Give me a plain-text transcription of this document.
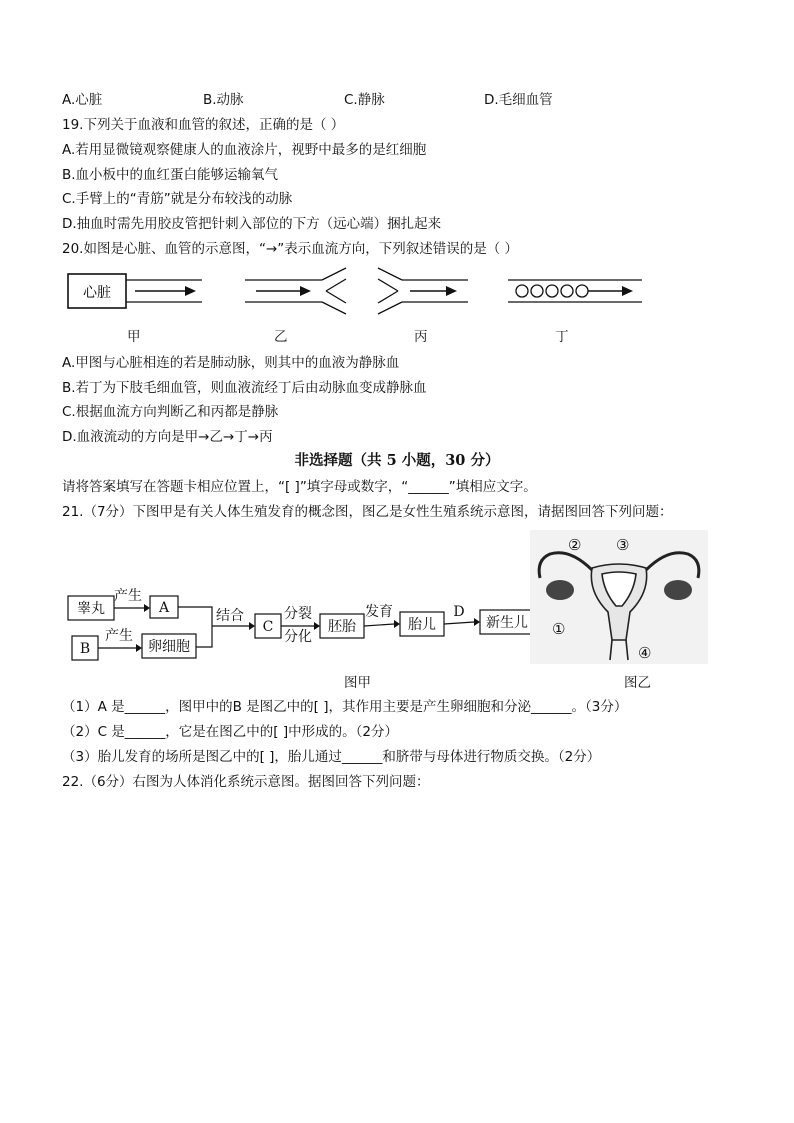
A.心脏	B.动脉	C.静脉	D.毛细血管
19.下列关于血液和血管的叙述，正确的是（ ）
A.若用显微镜观察健康人的血液涂片，视野中最多的是红细胞
B.血小板中的血红蛋白能够运输氧气
C.手臂上的“青筋”就是分布较浅的动脉
D.抽血时需先用胶皮管把针刺入部位的下方（远心端）捆扎起来
20.如图是心脏、血管的示意图，“→”表示血流方向，下列叙述错误的是（ ）
心脏
甲	乙	丙	丁
A.甲图与心脏相连的若是肺动脉，则其中的血液为静脉血
B.若丁为下肢毛细血管，则血液流经丁后由动脉血变成静脉血
C.根据血流方向判断乙和丙都是静脉
D.血液流动的方向是甲→乙→丁→丙
非选择题（共 5 小题，30 分）
请将答案填写在答题卡相应位置上，“[ ]”填字母或数字，“______”填相应文字。
21.（7分）下图甲是有关人体生殖发育的概念图，图乙是女性生殖系统示意图，请据图回答下列问题：
睾丸
产生
A
B
产生
卵细胞
结合
C
分裂
分化
胚胎
发育
胎儿
D
新生儿 ①
② ③
④
图甲	图乙
（1）A 是______，图甲中的B 是图乙中的[ ]，其作用主要是产生卵细胞和分泌______。（3分）
（2）C 是______，它是在图乙中的[ ]中形成的。（2分）
（3）胎儿发育的场所是图乙中的[ ]，胎儿通过______和脐带与母体进行物质交换。（2分）
22.（6分）右图为人体消化系统示意图。据图回答下列问题：
